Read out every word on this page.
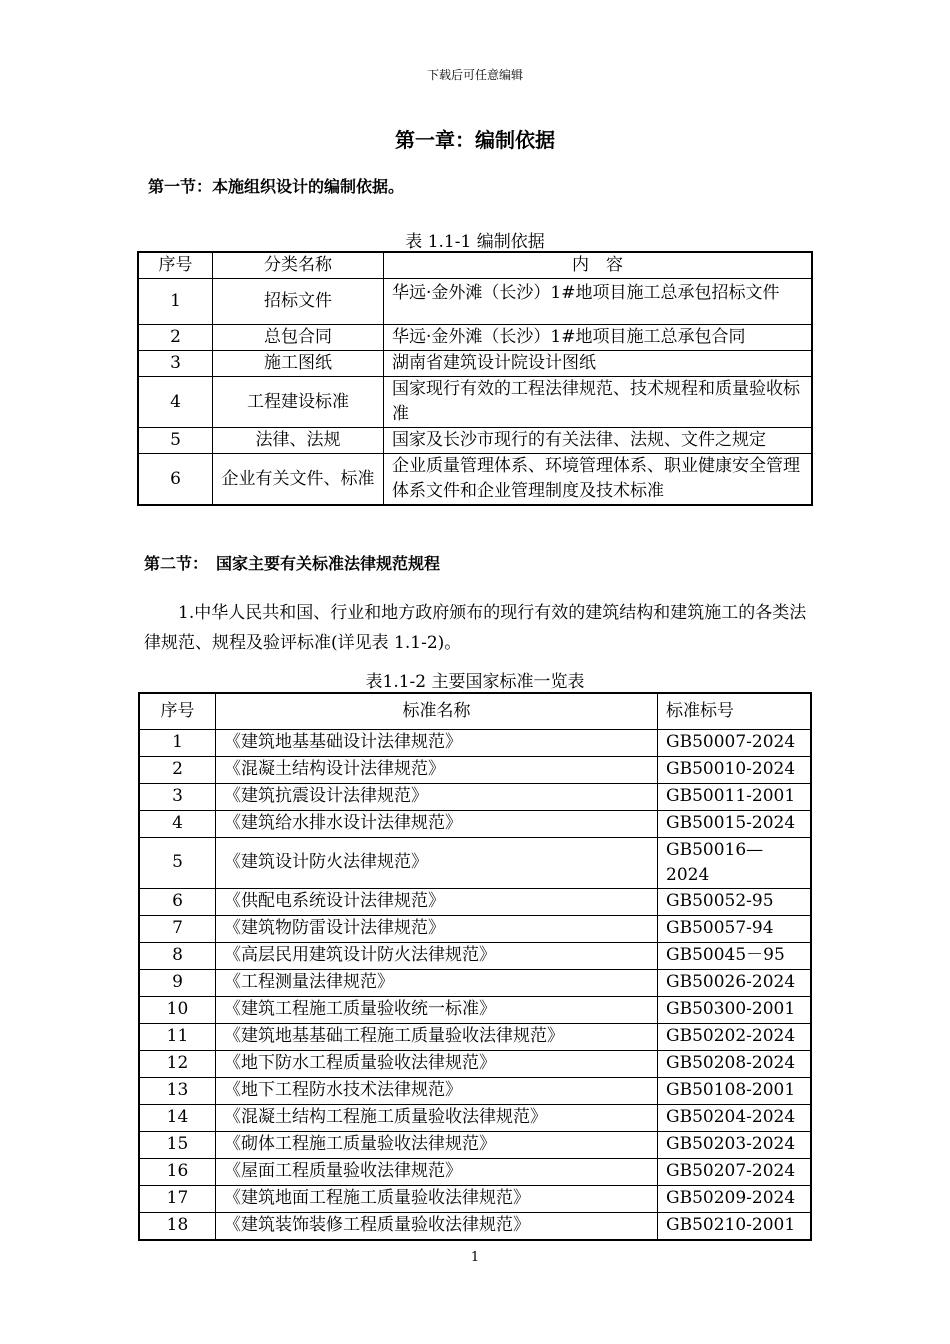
下载后可任意编辑
第一章：编制依据
第一节：本施组织设计的编制依据。
表 1.1-1 编制依据
序号	分类名称	内　容
1	招标文件	华远·金外滩（长沙）1#地项目施工总承包招标文件
2	总包合同	华远·金外滩（长沙）1#地项目施工总承包合同
3	施工图纸	湖南省建筑设计院设计图纸
4	工程建设标准	国家现行有效的工程法律规范、技术规程和质量验收标准
5	法律、法规	国家及长沙市现行的有关法律、法规、文件之规定
6	企业有关文件、标准	企业质量管理体系、环境管理体系、职业健康安全管理体系文件和企业管理制度及技术标准
第二节：　国家主要有关标准法律规范规程
　　1.中华人民共和国、行业和地方政府颁布的现行有效的建筑结构和建筑施工的各类法律规范、规程及验评标准(详见表 1.1-2)。
表1.1-2 主要国家标准一览表
序号	标准名称	标准标号
1	《建筑地基基础设计法律规范》	GB50007-2024
2	《混凝土结构设计法律规范》	GB50010-2024
3	《建筑抗震设计法律规范》	GB50011-2001
4	《建筑给水排水设计法律规范》	GB50015-2024
5	《建筑设计防火法律规范》	GB50016—2024
6	《供配电系统设计法律规范》	GB50052-95
7	《建筑物防雷设计法律规范》	GB50057-94
8	《高层民用建筑设计防火法律规范》	GB50045－95
9	《工程测量法律规范》	GB50026-2024
10	《建筑工程施工质量验收统一标准》	GB50300-2001
11	《建筑地基基础工程施工质量验收法律规范》	GB50202-2024
12	《地下防水工程质量验收法律规范》	GB50208-2024
13	《地下工程防水技术法律规范》	GB50108-2001
14	《混凝土结构工程施工质量验收法律规范》	GB50204-2024
15	《砌体工程施工质量验收法律规范》	GB50203-2024
16	《屋面工程质量验收法律规范》	GB50207-2024
17	《建筑地面工程施工质量验收法律规范》	GB50209-2024
18	《建筑装饰装修工程质量验收法律规范》	GB50210-2001
1
